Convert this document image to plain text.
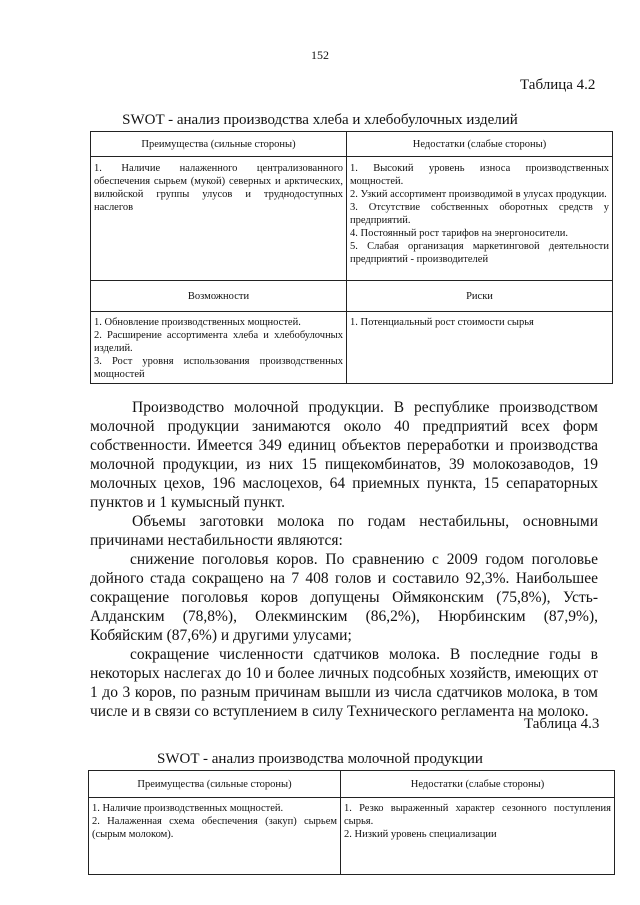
152
Таблица 4.2
SWOT - анализ производства хлеба и хлебобулочных изделий
Преимущества (сильные стороны)	Недостатки (слабые стороны)

1. Наличие налаженного централизованного обеспечения сырьем (мукой) северных и арктических, вилюйской группы улусов и труднодоступных наслегов	1. Высокий уровень износа производственных мощностей.
2. Узкий ассортимент производимой в улусах продукции.
3. Отсутствие собственных оборотных средств у предприятий.
4. Постоянный рост тарифов на энергоносители.
5. Слабая организация маркетинговой деятельности предприятий - производителей

Возможности	Риски

1. Обновление производственных мощностей.
2. Расширение ассортимента хлеба и хлебобулочных изделий.
3. Рост уровня использования производственных мощностей	1. Потенциальный рост стоимости сырья

Производство молочной продукции. В республике производством молочной продукции занимаются около 40 предприятий всех форм собственности. Имеется 349 единиц объектов переработки и производства молочной продукции, из них 15 пищекомбинатов, 39 молокозаводов, 19 молочных цехов, 196 маслоцехов, 64 приемных пункта, 15 сепараторных пунктов и 1 кумысный пункт.

Объемы заготовки молока по годам нестабильны, основными причинами нестабильности являются:

снижение поголовья коров. По сравнению с 2009 годом поголовье дойного стада сокращено на 7 408 голов и составило 92,3%. Наибольшее сокращение поголовья коров допущены Оймяконским (75,8%), Усть-Алданским (78,8%), Олекминским (86,2%), Нюрбинским (87,9%), Кобяйским (87,6%) и другими улусами;

сокращение численности сдатчиков молока. В последние годы в некоторых наслегах до 10 и более личных подсобных хозяйств, имеющих от 1 до 3 коров, по разным причинам вышли из числа сдатчиков молока, в том числе и в связи со вступлением в силу Технического регламента на молоко.

Таблица 4.3
SWOT - анализ производства молочной продукции
Преимущества (сильные стороны)	Недостатки (слабые стороны)

1. Наличие производственных мощностей.
2. Налаженная схема обеспечения (закуп) сырьем (сырым молоком).	1. Резко выраженный характер сезонного поступления сырья.
2. Низкий уровень специализации
